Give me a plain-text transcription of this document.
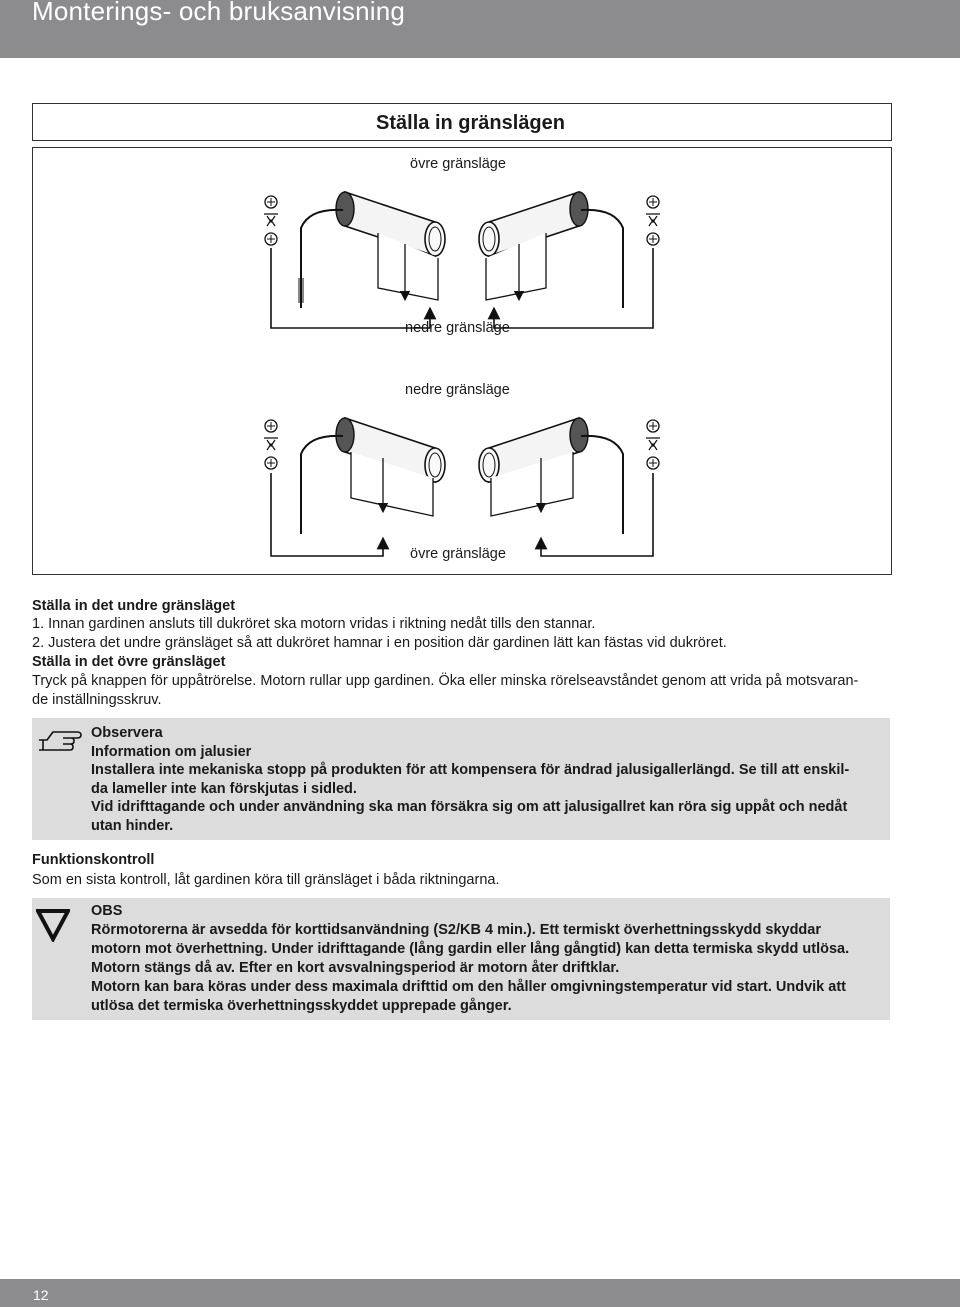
Monterings- och bruksanvisning
Ställa in gränslägen
övre gränsläge
nedre gränsläge
nedre gränsläge
övre gränsläge
Ställa in det undre gränsläget
1. Innan gardinen ansluts till dukröret ska motorn vridas i riktning nedåt tills den stannar.
2. Justera det undre gränsläget så att dukröret hamnar i en position där gardinen lätt kan fästas vid dukröret.
Ställa in det övre gränsläget
Tryck på knappen för uppåtrörelse. Motorn rullar upp gardinen. Öka eller minska rörelseavståndet genom att vrida på motsvaran-
de inställningsskruv.
Observera
Information om jalusier
Installera inte mekaniska stopp på produkten för att kompensera för ändrad jalusigallerlängd. Se till att enskil-
da lameller inte kan förskjutas i sidled.
Vid idrifttagande och under användning ska man försäkra sig om att jalusigallret kan röra sig uppåt och nedåt
utan hinder.
Funktionskontroll
Som en sista kontroll, låt gardinen köra till gränsläget i båda riktningarna.
OBS
Rörmotorerna är avsedda för korttidsanvändning (S2/KB 4 min.). Ett termiskt överhettningsskydd skyddar
motorn mot överhettning. Under idrifttagande (lång gardin eller lång gångtid) kan detta termiska skydd utlösa.
Motorn stängs då av. Efter en kort avsvalningsperiod är motorn åter driftklar.
Motorn kan bara köras under dess maximala drifttid om den håller omgivningstemperatur vid start. Undvik att
utlösa det termiska överhettningsskyddet upprepade gånger.
12
